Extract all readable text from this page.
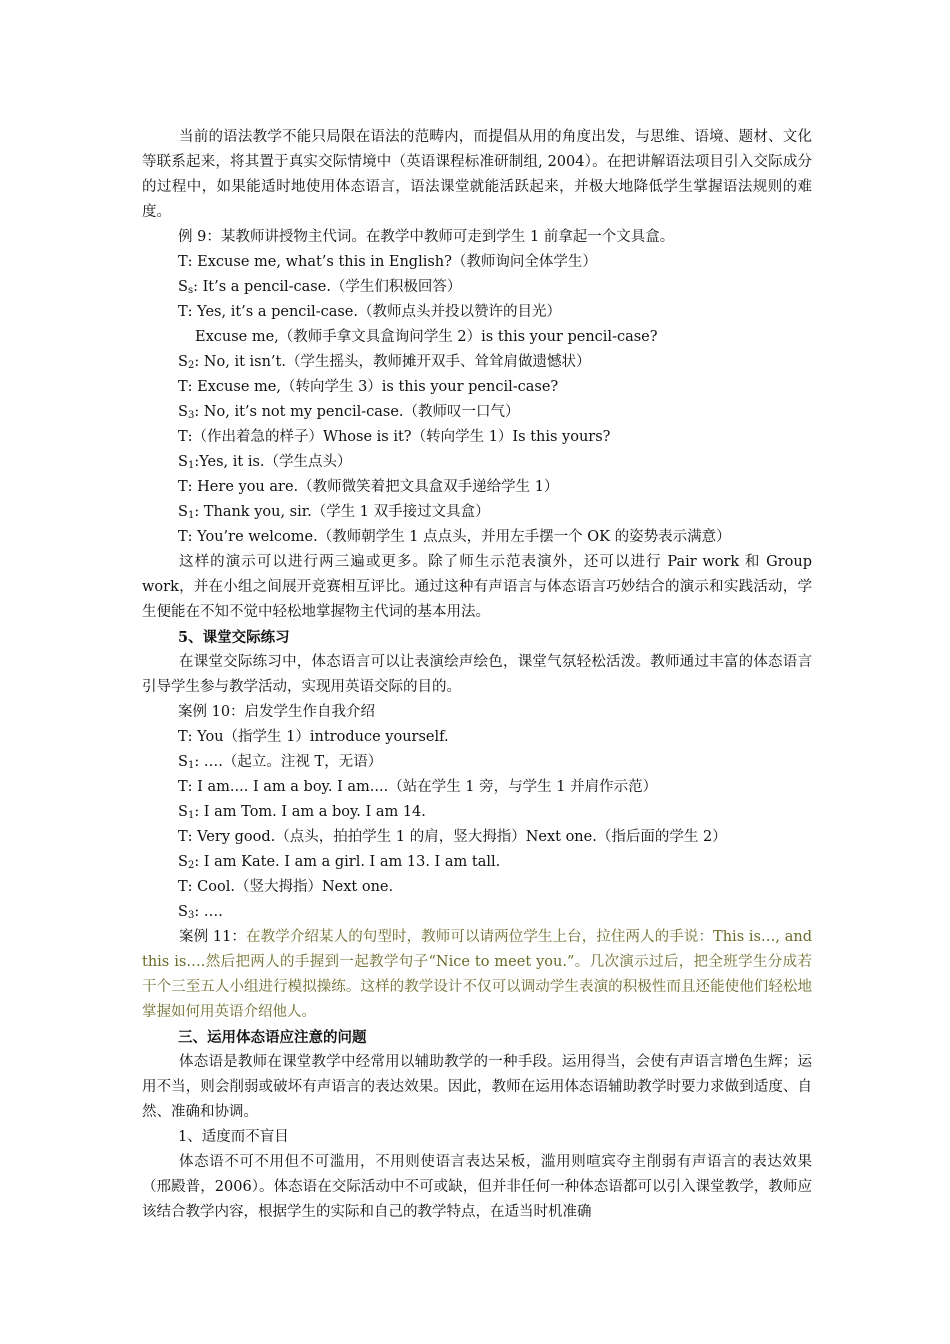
当前的语法教学不能只局限在语法的范畴内，而提倡从用的角度出发，与思维、语境、题材、文化等联系起来，将其置于真实交际情境中（英语课程标准研制组, 2004）。在把讲解语法项目引入交际成分的过程中，如果能适时地使用体态语言，语法课堂就能活跃起来，并极大地降低学生掌握语法规则的难度。

例 9：某教师讲授物主代词。在教学中教师可走到学生 1 前拿起一个文具盒。

T: Excuse me, what’s this in English?（教师询问全体学生）

$S_s$: It’s a pencil-case.（学生们积极回答）

T: Yes, it’s a pencil-case.（教师点头并投以赞许的目光）

Excuse me,（教师手拿文具盒询问学生 2）is this your pencil-case?

$S_2$: No, it isn’t.（学生摇头，教师摊开双手、耸耸肩做遗憾状）

T: Excuse me,（转向学生 3）is this your pencil-case?

$S_3$: No, it’s not my pencil-case.（教师叹一口气）

T:（作出着急的样子）Whose is it?（转向学生 1）Is this yours?

$S_1:Yes$, it is.（学生点头）

T: Here you are.（教师微笑着把文具盒双手递给学生 1）

$S_1$: Thank you, sir.（学生 1 双手接过文具盒）

T: You’re welcome.（教师朝学生 1 点点头，并用左手摆一个 OK 的姿势表示满意）

这样的演示可以进行两三遍或更多。除了师生示范表演外，还可以进行 Pair work 和 Group work，并在小组之间展开竞赛相互评比。通过这种有声语言与体态语言巧妙结合的演示和实践活动，学生便能在不知不觉中轻松地掌握物主代词的基本用法。

5、课堂交际练习

在课堂交际练习中，体态语言可以让表演绘声绘色，课堂气氛轻松活泼。教师通过丰富的体态语言引导学生参与教学活动，实现用英语交际的目的。

案例 10：启发学生作自我介绍

T: You（指学生 1）introduce yourself.

$S_1$: ….（起立。注视 T，无语）

T: I am.... I am a boy. I am....（站在学生 1 旁，与学生 1 并肩作示范）

$S_1$: I am Tom. I am a boy. I am 14.

T: Very good.（点头，拍拍学生 1 的肩，竖大拇指）Next one.（指后面的学生 2）

$S_2$: I am Kate. I am a girl. I am 13. I am tall.

T: Cool.（竖大拇指）Next one.

$S_3$: ….

案例 11：在教学介绍某人的句型时，教师可以请两位学生上台，拉住两人的手说：This is…, and this is….然后把两人的手握到一起教学句子“Nice to meet you.”。几次演示过后，把全班学生分成若干个三至五人小组进行模拟操练。这样的教学设计不仅可以调动学生表演的积极性而且还能使他们轻松地掌握如何用英语介绍他人。

三、运用体态语应注意的问题

体态语是教师在课堂教学中经常用以辅助教学的一种手段。运用得当，会使有声语言增色生辉；运用不当，则会削弱或破坏有声语言的表达效果。因此，教师在运用体态语辅助教学时要力求做到适度、自然、准确和协调。

1、适度而不盲目

体态语不可不用但不可滥用，不用则使语言表达呆板，滥用则喧宾夺主削弱有声语言的表达效果（邢殿普，2006）。体态语在交际活动中不可或缺，但并非任何一种体态语都可以引入课堂教学，教师应该结合教学内容，根据学生的实际和自己的教学特点，在适当时机准确
